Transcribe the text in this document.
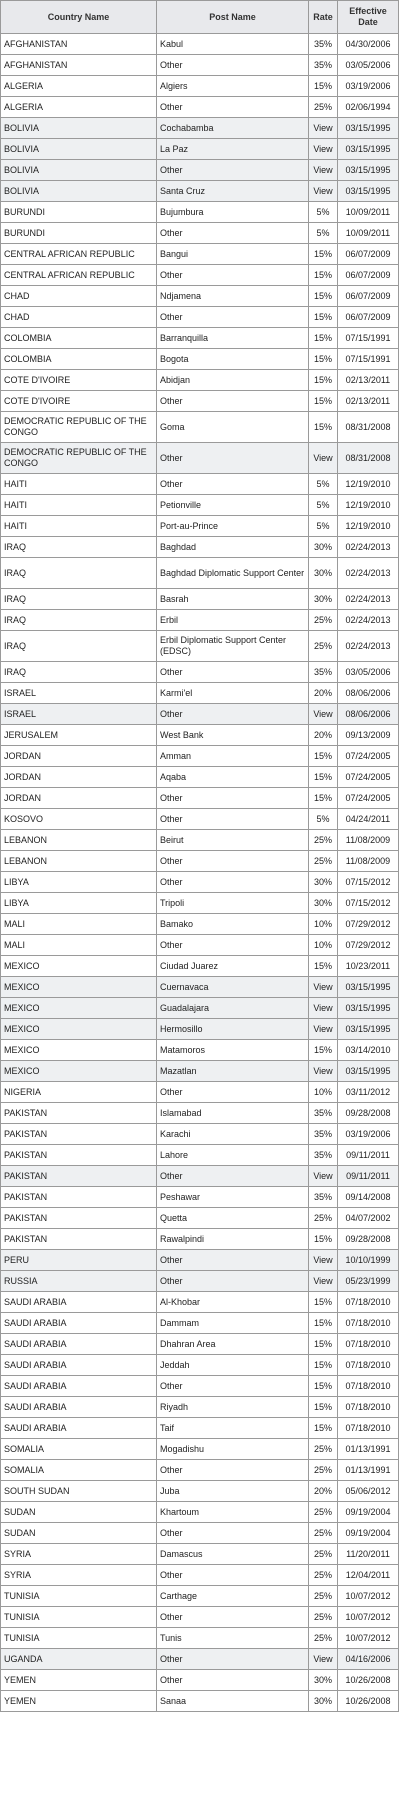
Country Name	Post Name	Rate	Effective Date
AFGHANISTAN	Kabul	35%	04/30/2006
AFGHANISTAN	Other	35%	03/05/2006
ALGERIA	Algiers	15%	03/19/2006
ALGERIA	Other	25%	02/06/1994
BOLIVIA	Cochabamba	View	03/15/1995
BOLIVIA	La Paz	View	03/15/1995
BOLIVIA	Other	View	03/15/1995
BOLIVIA	Santa Cruz	View	03/15/1995
BURUNDI	Bujumbura	5%	10/09/2011
BURUNDI	Other	5%	10/09/2011
CENTRAL AFRICAN REPUBLIC	Bangui	15%	06/07/2009
CENTRAL AFRICAN REPUBLIC	Other	15%	06/07/2009
CHAD	Ndjamena	15%	06/07/2009
CHAD	Other	15%	06/07/2009
COLOMBIA	Barranquilla	15%	07/15/1991
COLOMBIA	Bogota	15%	07/15/1991
COTE D'IVOIRE	Abidjan	15%	02/13/2011
COTE D'IVOIRE	Other	15%	02/13/2011
DEMOCRATIC REPUBLIC OF THE CONGO	Goma	15%	08/31/2008
DEMOCRATIC REPUBLIC OF THE CONGO	Other	View	08/31/2008
HAITI	Other	5%	12/19/2010
HAITI	Petionville	5%	12/19/2010
HAITI	Port-au-Prince	5%	12/19/2010
IRAQ	Baghdad	30%	02/24/2013
IRAQ	Baghdad Diplomatic Support Center	30%	02/24/2013
IRAQ	Basrah	30%	02/24/2013
IRAQ	Erbil	25%	02/24/2013
IRAQ	Erbil Diplomatic Support Center (EDSC)	25%	02/24/2013
IRAQ	Other	35%	03/05/2006
ISRAEL	Karmi'el	20%	08/06/2006
ISRAEL	Other	View	08/06/2006
JERUSALEM	West Bank	20%	09/13/2009
JORDAN	Amman	15%	07/24/2005
JORDAN	Aqaba	15%	07/24/2005
JORDAN	Other	15%	07/24/2005
KOSOVO	Other	5%	04/24/2011
LEBANON	Beirut	25%	11/08/2009
LEBANON	Other	25%	11/08/2009
LIBYA	Other	30%	07/15/2012
LIBYA	Tripoli	30%	07/15/2012
MALI	Bamako	10%	07/29/2012
MALI	Other	10%	07/29/2012
MEXICO	Ciudad Juarez	15%	10/23/2011
MEXICO	Cuernavaca	View	03/15/1995
MEXICO	Guadalajara	View	03/15/1995
MEXICO	Hermosillo	View	03/15/1995
MEXICO	Matamoros	15%	03/14/2010
MEXICO	Mazatlan	View	03/15/1995
NIGERIA	Other	10%	03/11/2012
PAKISTAN	Islamabad	35%	09/28/2008
PAKISTAN	Karachi	35%	03/19/2006
PAKISTAN	Lahore	35%	09/11/2011
PAKISTAN	Other	View	09/11/2011
PAKISTAN	Peshawar	35%	09/14/2008
PAKISTAN	Quetta	25%	04/07/2002
PAKISTAN	Rawalpindi	15%	09/28/2008
PERU	Other	View	10/10/1999
RUSSIA	Other	View	05/23/1999
SAUDI ARABIA	Al-Khobar	15%	07/18/2010
SAUDI ARABIA	Dammam	15%	07/18/2010
SAUDI ARABIA	Dhahran Area	15%	07/18/2010
SAUDI ARABIA	Jeddah	15%	07/18/2010
SAUDI ARABIA	Other	15%	07/18/2010
SAUDI ARABIA	Riyadh	15%	07/18/2010
SAUDI ARABIA	Taif	15%	07/18/2010
SOMALIA	Mogadishu	25%	01/13/1991
SOMALIA	Other	25%	01/13/1991
SOUTH SUDAN	Juba	20%	05/06/2012
SUDAN	Khartoum	25%	09/19/2004
SUDAN	Other	25%	09/19/2004
SYRIA	Damascus	25%	11/20/2011
SYRIA	Other	25%	12/04/2011
TUNISIA	Carthage	25%	10/07/2012
TUNISIA	Other	25%	10/07/2012
TUNISIA	Tunis	25%	10/07/2012
UGANDA	Other	View	04/16/2006
YEMEN	Other	30%	10/26/2008
YEMEN	Sanaa	30%	10/26/2008
